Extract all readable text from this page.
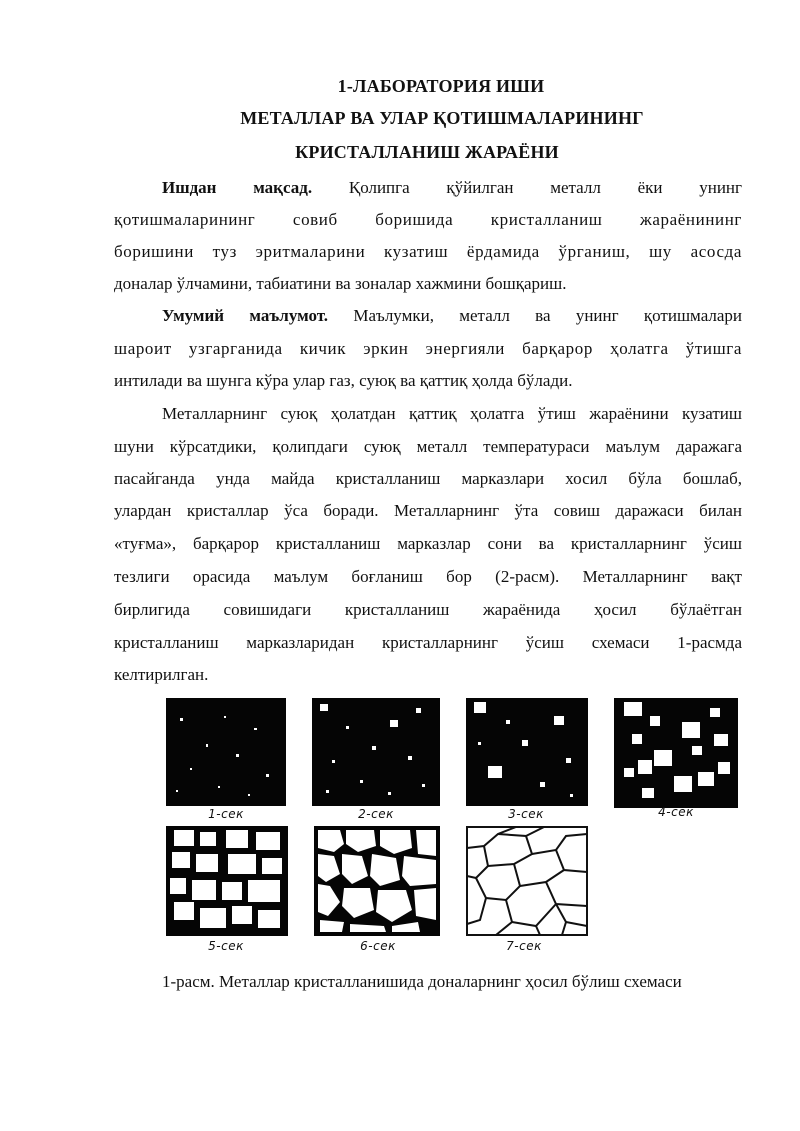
1-ЛАБОРАТОРИЯ ИШИ
МЕТАЛЛАР ВА УЛАР ҚОТИШМАЛАРИНИНГ
КРИСТАЛЛАНИШ ЖАРАЁНИ
Ишдан мақсад. Қолипга қўйилган металл ёки унинг
қотишмаларининг совиб боришида кристалланиш жараёнининг
боришини туз эритмаларини кузатиш ёрдамида ўрганиш, шу асосда
доналар ўлчамини, табиатини ва зоналар хажмини бошқариш.
Умумий маълумот. Маълумки, металл ва унинг қотишмалари
шароит узгарганида кичик эркин энергияли барқарор ҳолатга ўтишга
интилади ва шунга кўра улар газ, суюқ ва қаттиқ ҳолда бўлади.
Металларнинг суюқ ҳолатдан қаттиқ ҳолатга ўтиш жараёнини кузатиш
шуни кўрсатдики, қолипдаги суюқ металл температураси маълум даражага
пасайганда унда майда кристалланиш марказлари хосил бўла бошлаб,
улардан кристаллар ўса боради. Металларнинг ўта совиш даражаси билан
«туғма», барқарор кристалланиш марказлар сони ва кристалларнинг ўсиш
тезлиги орасида маълум боғланиш бор (2-расм). Металларнинг вақт
бирлигида совишидаги кристалланиш жараёнида ҳосил бўлаётган
кристалланиш марказларидан кристалларнинг ўсиш схемаси 1-расмда
келтирилган.
1-сек	2-сек	3-сек	4-сек
5-сек	6-сек	7-сек
1-расм. Металлар кристалланишида доналарнинг ҳосил бўлиш схемаси
